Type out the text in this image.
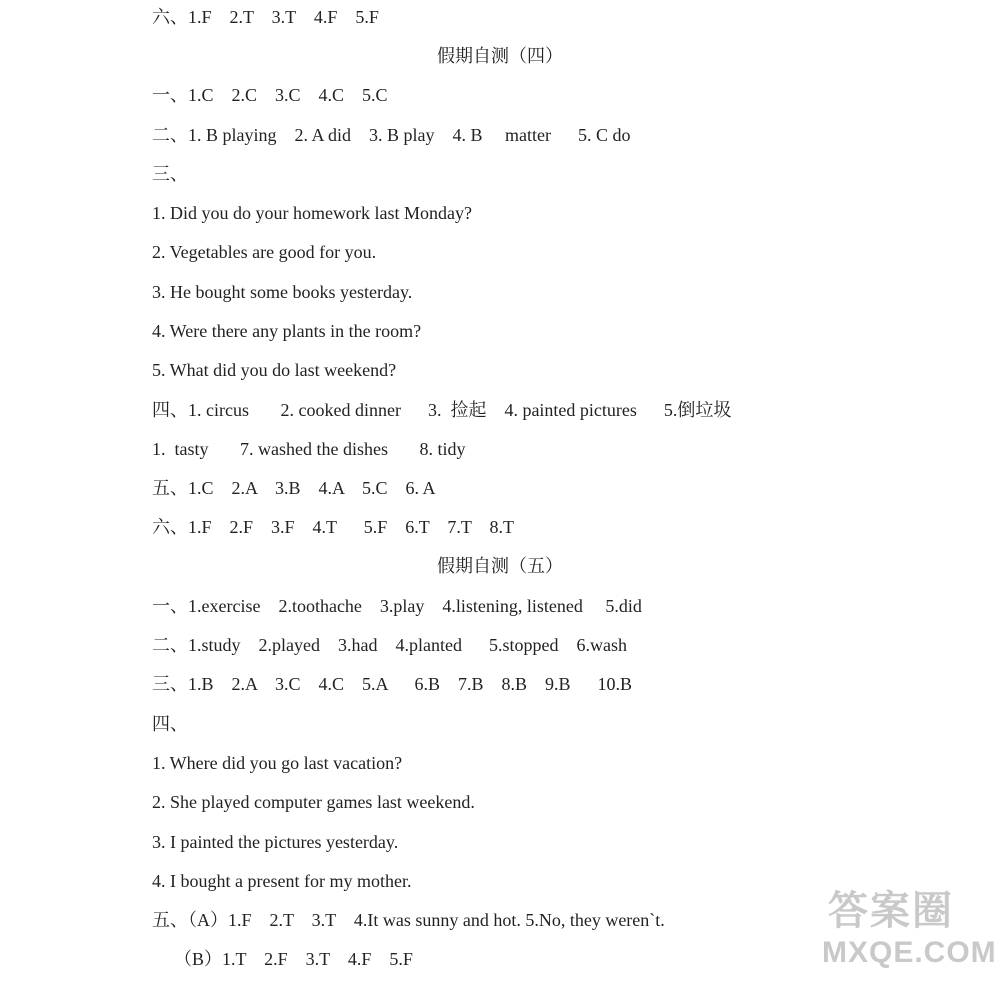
六、1.F    2.T    3.T    4.F    5.F
假期自测（四）
一、1.C    2.C    3.C    4.C    5.C
二、1. B playing    2. A did    3. B play    4. B     matter      5. C do
三、
1. Did you do your homework last Monday?
2. Vegetables are good for you.
3. He bought some books yesterday.
4. Were there any plants in the room?
5. What did you do last weekend?
四、1. circus       2. cooked dinner      3.  捡起    4. painted pictures      5.倒垃圾
1.  tasty       7. washed the dishes       8. tidy
五、1.C    2.A    3.B    4.A    5.C    6. A
六、1.F    2.F    3.F    4.T      5.F    6.T    7.T    8.T
假期自测（五）
一、1.exercise    2.toothache    3.play    4.listening, listened     5.did
二、1.study    2.played    3.had    4.planted      5.stopped    6.wash
三、1.B    2.A    3.C    4.C    5.A      6.B    7.B    8.B    9.B      10.B
四、
1. Where did you go last vacation?
2. She played computer games last weekend.
3. I painted the pictures yesterday.
4. I bought a present for my mother.
五、（A）1.F    2.T    3.T    4.It was sunny and hot. 5.No, they weren`t.
（B）1.T    2.F    3.T    4.F    5.F
答案圈
MXQE.COM
